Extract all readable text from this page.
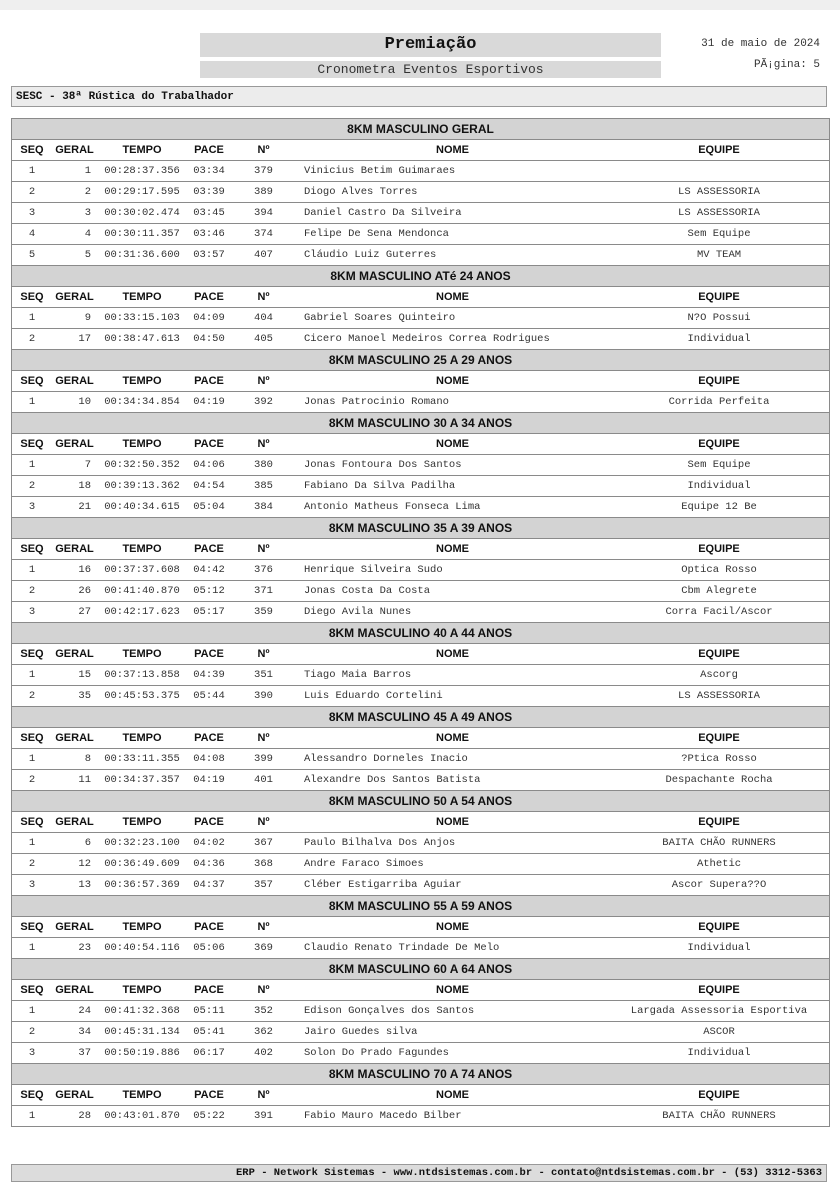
Premiação
Cronometra Eventos Esportivos
31 de maio de 2024
PÃ¡gina: 5
SESC - 38ª Rústica do Trabalhador
8KM MASCULINO GERAL
SEQ	GERAL	TEMPO	PACE	Nº	NOME	EQUIPE
1	1	00:28:37.356	03:34	379	Vinicius Betim Guimaraes
2	2	00:29:17.595	03:39	389	Diogo Alves Torres	LS ASSESSORIA
3	3	00:30:02.474	03:45	394	Daniel Castro Da Silveira	LS ASSESSORIA
4	4	00:30:11.357	03:46	374	Felipe De Sena Mendonca	Sem Equipe
5	5	00:31:36.600	03:57	407	Cláudio Luiz Guterres	MV TEAM
8KM MASCULINO ATé 24 ANOS
SEQ	GERAL	TEMPO	PACE	Nº	NOME	EQUIPE
1	9	00:33:15.103	04:09	404	Gabriel Soares Quinteiro	N?O Possui
2	17	00:38:47.613	04:50	405	Cicero Manoel Medeiros Correa Rodrigues	Individual
8KM MASCULINO 25 A 29 ANOS
SEQ	GERAL	TEMPO	PACE	Nº	NOME	EQUIPE
1	10	00:34:34.854	04:19	392	Jonas Patrocinio Romano	Corrida Perfeita
8KM MASCULINO 30 A 34 ANOS
SEQ	GERAL	TEMPO	PACE	Nº	NOME	EQUIPE
1	7	00:32:50.352	04:06	380	Jonas Fontoura Dos Santos	Sem Equipe
2	18	00:39:13.362	04:54	385	Fabiano Da Silva Padilha	Individual
3	21	00:40:34.615	05:04	384	Antonio Matheus Fonseca Lima	Equipe 12 Be
8KM MASCULINO 35 A 39 ANOS
SEQ	GERAL	TEMPO	PACE	Nº	NOME	EQUIPE
1	16	00:37:37.608	04:42	376	Henrique Silveira Sudo	Optica Rosso
2	26	00:41:40.870	05:12	371	Jonas Costa Da Costa	Cbm Alegrete
3	27	00:42:17.623	05:17	359	Diego Avila Nunes	Corra Facil/Ascor
8KM MASCULINO 40 A 44 ANOS
SEQ	GERAL	TEMPO	PACE	Nº	NOME	EQUIPE
1	15	00:37:13.858	04:39	351	Tiago Maia Barros	Ascorg
2	35	00:45:53.375	05:44	390	Luis Eduardo Cortelini	LS ASSESSORIA
8KM MASCULINO 45 A 49 ANOS
SEQ	GERAL	TEMPO	PACE	Nº	NOME	EQUIPE
1	8	00:33:11.355	04:08	399	Alessandro Dorneles Inacio	?Ptica Rosso
2	11	00:34:37.357	04:19	401	Alexandre Dos Santos Batista	Despachante Rocha
8KM MASCULINO 50 A 54 ANOS
SEQ	GERAL	TEMPO	PACE	Nº	NOME	EQUIPE
1	6	00:32:23.100	04:02	367	Paulo Bilhalva Dos Anjos	BAITA CHÃO RUNNERS
2	12	00:36:49.609	04:36	368	Andre Faraco Simoes	Athetic
3	13	00:36:57.369	04:37	357	Cléber Estigarriba Aguiar	Ascor Supera??O
8KM MASCULINO 55 A 59 ANOS
SEQ	GERAL	TEMPO	PACE	Nº	NOME	EQUIPE
1	23	00:40:54.116	05:06	369	Claudio Renato Trindade De Melo	Individual
8KM MASCULINO 60 A 64 ANOS
SEQ	GERAL	TEMPO	PACE	Nº	NOME	EQUIPE
1	24	00:41:32.368	05:11	352	Edison Gonçalves dos Santos	Largada Assessoria Esportiva
2	34	00:45:31.134	05:41	362	Jairo Guedes silva	ASCOR
3	37	00:50:19.886	06:17	402	Solon Do Prado Fagundes	Individual
8KM MASCULINO 70 A 74 ANOS
SEQ	GERAL	TEMPO	PACE	Nº	NOME	EQUIPE
1	28	00:43:01.870	05:22	391	Fabio Mauro Macedo Bilber	BAITA CHÃO RUNNERS
ERP - Network Sistemas - www.ntdsistemas.com.br - contato@ntdsistemas.com.br - (53) 3312-5363
